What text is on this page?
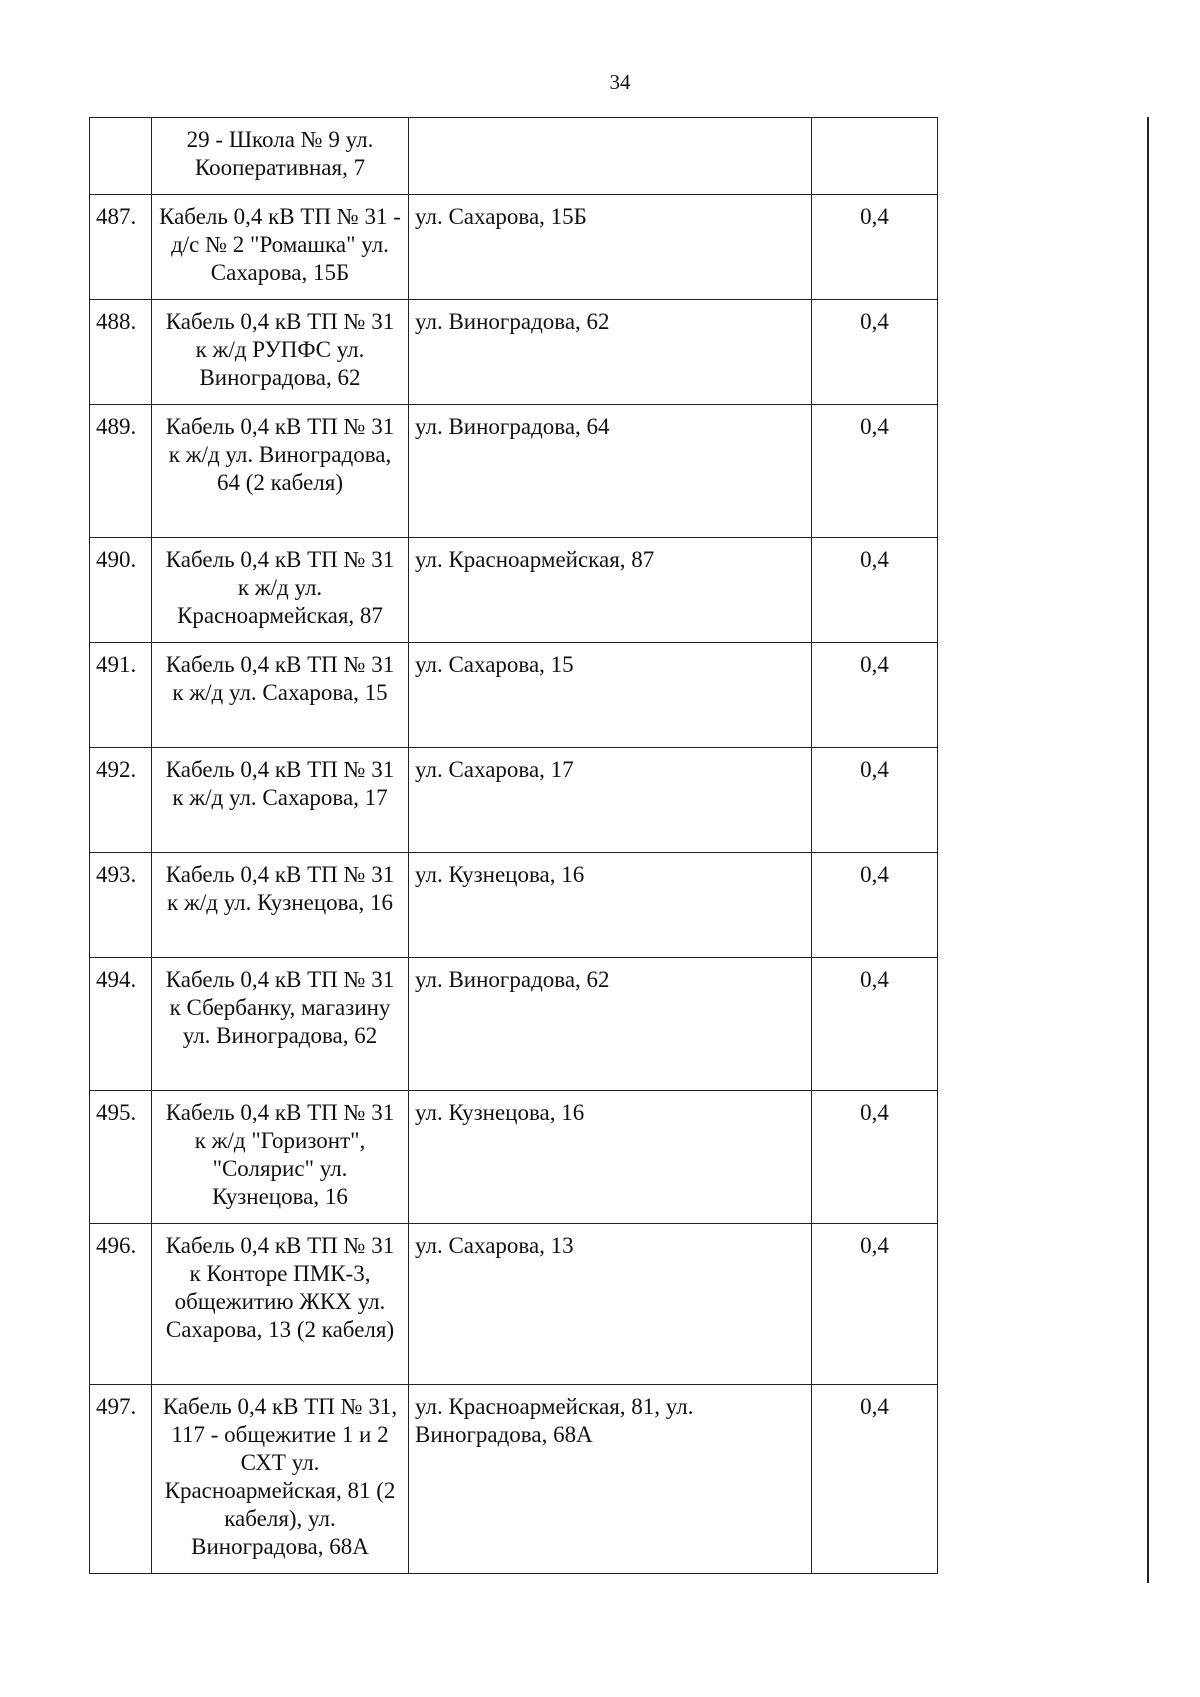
34
	29 - Школа № 9 ул. Кооперативная, 7		
487.	Кабель 0,4 кВ ТП № 31 - д/с № 2 "Ромашка" ул. Сахарова, 15Б	ул. Сахарова, 15Б	0,4
488.	Кабель 0,4 кВ ТП № 31 к ж/д РУПФС ул. Виноградова, 62	ул. Виноградова, 62	0,4
489.	Кабель 0,4 кВ ТП № 31 к ж/д ул. Виноградова, 64 (2 кабеля)	ул. Виноградова, 64	0,4
490.	Кабель 0,4 кВ ТП № 31 к ж/д ул. Красноармейская, 87	ул. Красноармейская, 87	0,4
491.	Кабель 0,4 кВ ТП № 31 к ж/д ул. Сахарова, 15	ул. Сахарова, 15	0,4
492.	Кабель 0,4 кВ ТП № 31 к ж/д ул. Сахарова, 17	ул. Сахарова, 17	0,4
493.	Кабель 0,4 кВ ТП № 31 к ж/д ул. Кузнецова, 16	ул. Кузнецова, 16	0,4
494.	Кабель 0,4 кВ ТП № 31 к Сбербанку, магазину ул. Виноградова, 62	ул. Виноградова, 62	0,4
495.	Кабель 0,4 кВ ТП № 31 к ж/д "Горизонт", "Солярис" ул. Кузнецова, 16	ул. Кузнецова, 16	0,4
496.	Кабель 0,4 кВ ТП № 31 к Конторе ПМК-3, общежитию ЖКХ ул. Сахарова, 13 (2 кабеля)	ул. Сахарова, 13	0,4
497.	Кабель 0,4 кВ ТП № 31, 117 - общежитие 1 и 2 СХТ ул. Красноармейская, 81 (2 кабеля), ул. Виноградова, 68А	ул. Красноармейская, 81, ул. Виноградова, 68А	0,4
